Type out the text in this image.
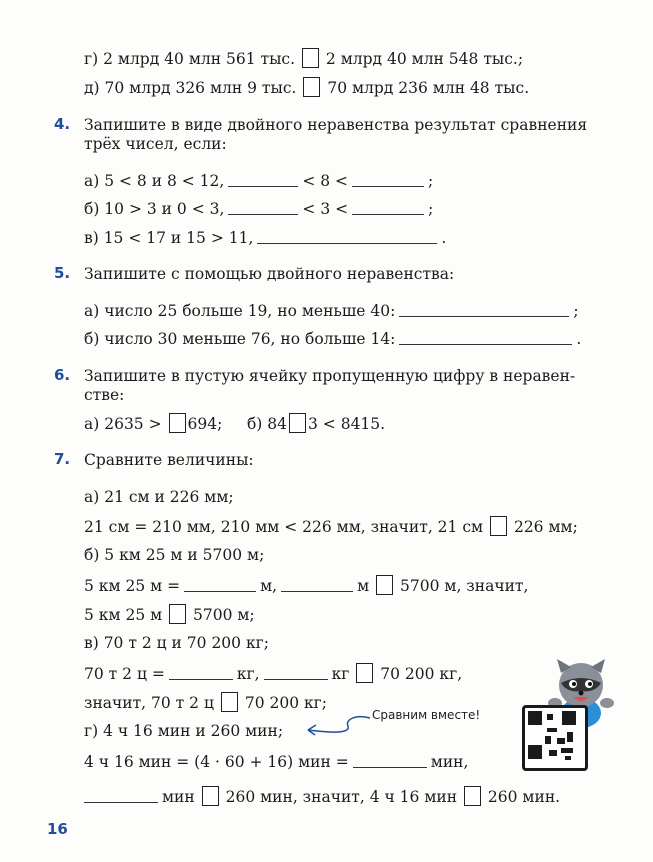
г) 2 млрд 40 млн 561 тыс. 2 млрд 40 млн 548 тыс.;
д) 70 млрд 326 млн 9 тыс. 70 млрд 236 млн 48 тыс.
4. Запишите в виде двойного неравенства результат сравнения
трёх чисел, если:
а) 5 < 8 и 8 < 12,	< 8 <	;
б) 10 > 3 и 0 < 3,	< 3 <	;
в) 15 < 17 и 15 > 11,	.
5. Запишите с помощью двойного неравенства:
а) число 25 больше 19, но меньше 40:	;
б) число 30 меньше 76, но больше 14:	.
6. Запишите в пустую ячейку пропущенную цифру в неравен-
стве:
а) 2635 > 694; б) 84 3 < 8415.
7. Сравните величины:
а) 21 см и 226 мм;
21 см = 210 мм, 210 мм < 226 мм, значит, 21 см 226 мм;
б) 5 км 25 м и 5700 м;
5 км 25 м =	м,	м 5700 м, значит,
5 км 25 м 5700 м;
в) 70 т 2 ц и 70 200 кг;
70 т 2 ц =	кг,	кг 70 200 кг,
значит, 70 т 2 ц 70 200 кг;
г) 4 ч 16 мин и 260 мин;
4 ч 16 мин = (4 · 60 + 16) мин =	мин,
мин 260 мин, значит, 4 ч 16 мин 260 мин.
Сравним вместе!
16
